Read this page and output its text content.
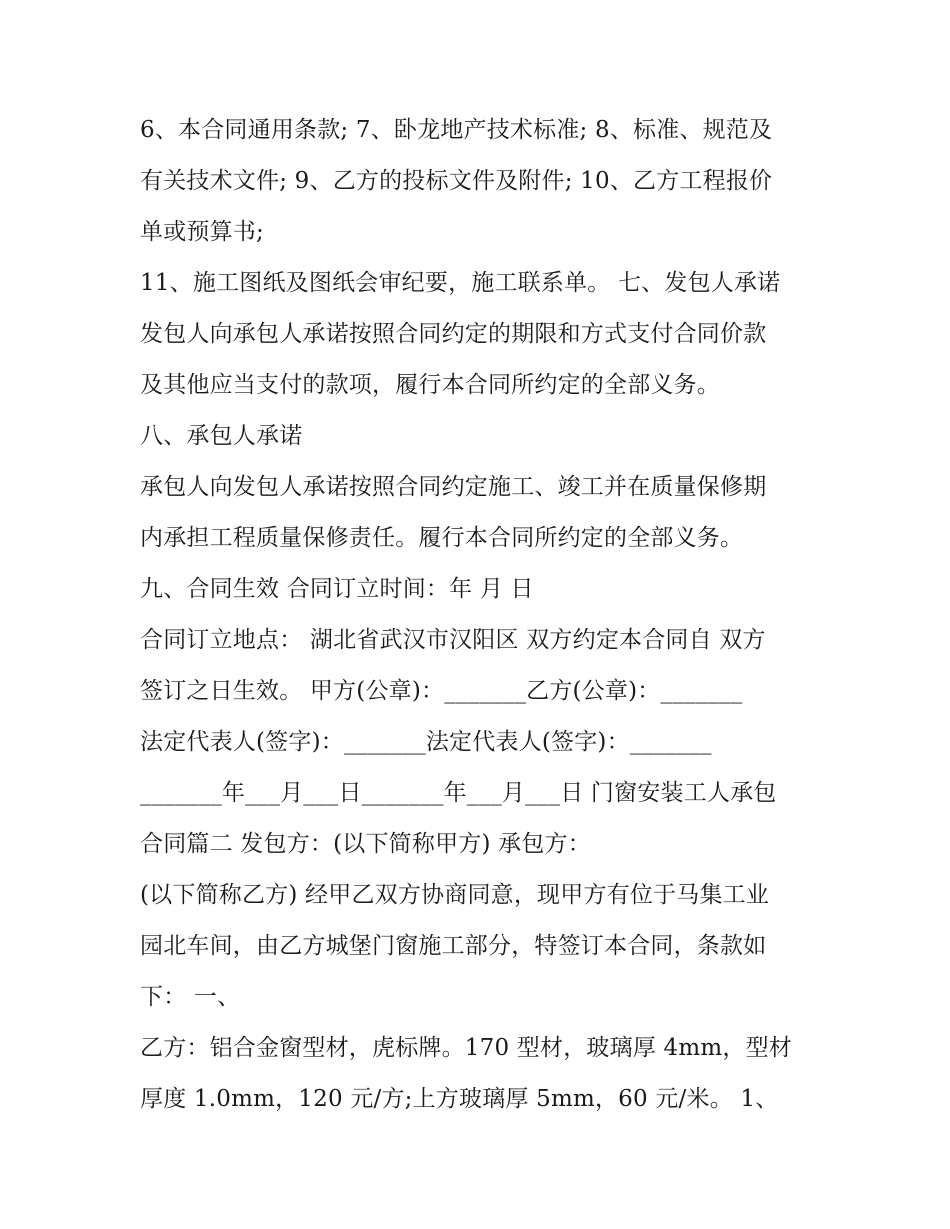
6、本合同通用条款; 7、卧龙地产技术标准; 8、标准、规范及
有关技术文件; 9、乙方的投标文件及附件; 10、乙方工程报价
单或预算书;
11、施工图纸及图纸会审纪要，施工联系单。 七、发包人承诺
发包人向承包人承诺按照合同约定的期限和方式支付合同价款
及其他应当支付的款项，履行本合同所约定的全部义务。
八、承包人承诺
承包人向发包人承诺按照合同约定施工、竣工并在质量保修期
内承担工程质量保修责任。履行本合同所约定的全部义务。
九、合同生效 合同订立时间：年 月 日
合同订立地点： 湖北省武汉市汉阳区 双方约定本合同自 双方
签订之日生效。 甲方(公章)：_______乙方(公章)：_______
法定代表人(签字)：_______法定代表人(签字)：_______
_______年___月___日_______年___月___日 门窗安装工人承包
合同篇二 发包方：(以下简称甲方) 承包方：
(以下简称乙方) 经甲乙双方协商同意，现甲方有位于马集工业
园北车间，由乙方城堡门窗施工部分，特签订本合同，条款如
下： 一、
乙方：铝合金窗型材，虎标牌。170 型材，玻璃厚 4mm，型材
厚度 1.0mm，120 元/方;上方玻璃厚 5mm，60 元/米。 1、
